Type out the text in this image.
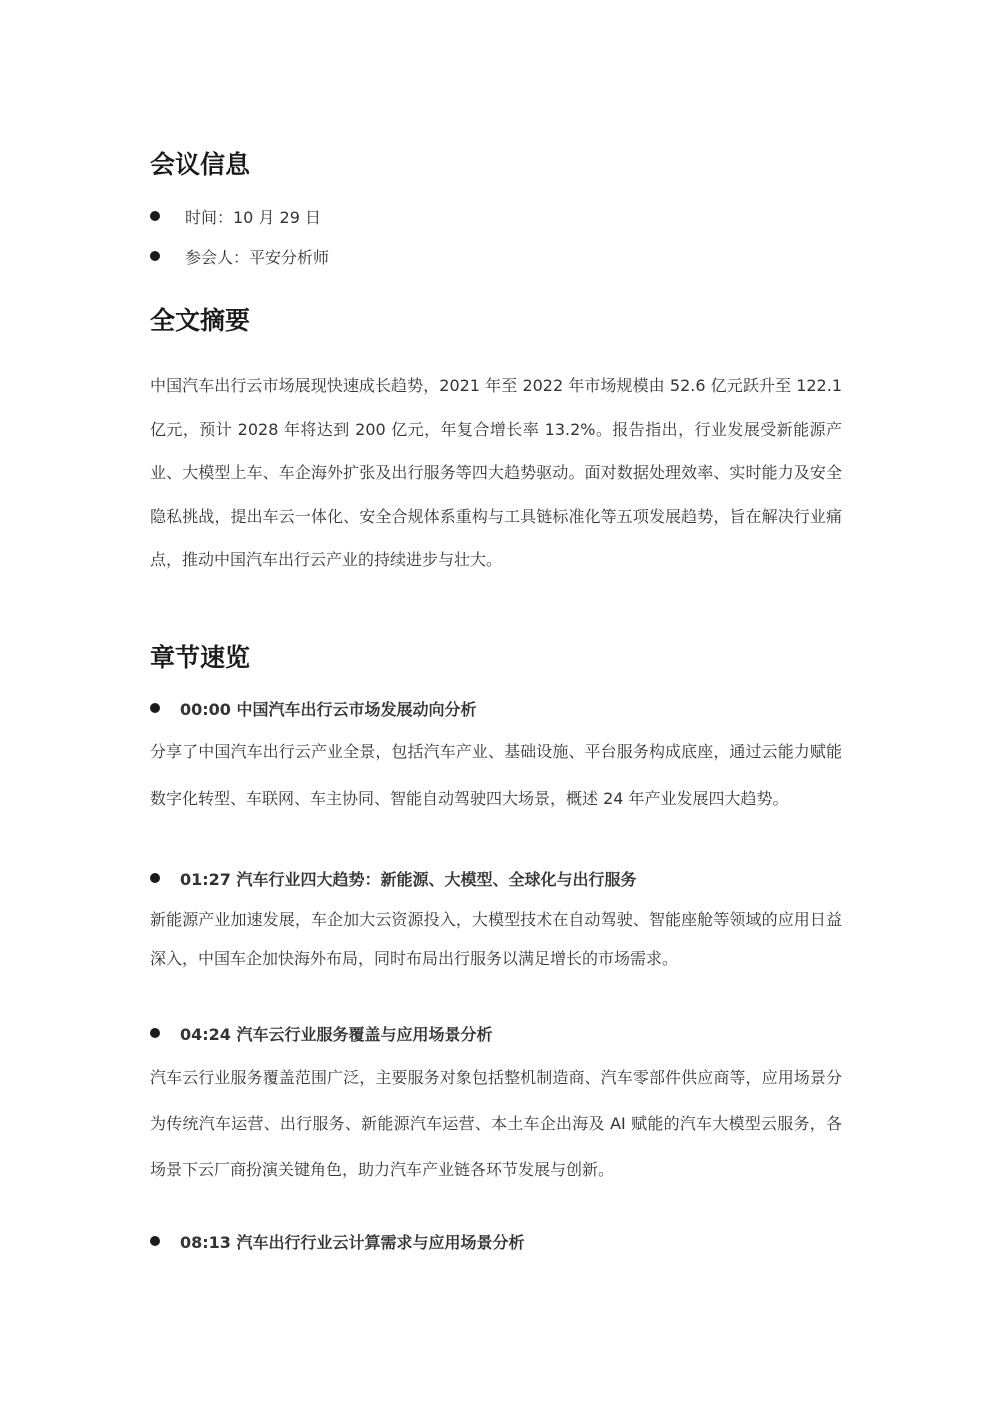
会议信息
时间：10 月 29 日
参会人：平安分析师
全文摘要

中国汽车出行云市场展现快速成长趋势，2021 年至 2022 年市场规模由 52.6 亿元跃升至 122.1 亿元，预计 2028 年将达到 200 亿元，年复合增长率 13.2%。报告指出，行业发展受新能源产业、大模型上车、车企海外扩张及出行服务等四大趋势驱动。面对数据处理效率、实时能力及安全隐私挑战，提出车云一体化、安全合规体系重构与工具链标准化等五项发展趋势，旨在解决行业痛点，推动中国汽车出行云产业的持续进步与壮大。

章节速览
00:00 中国汽车出行云市场发展动向分析

分享了中国汽车出行云产业全景，包括汽车产业、基础设施、平台服务构成底座，通过云能力赋能数字化转型、车联网、车主协同、智能自动驾驶四大场景，概述 24 年产业发展四大趋势。

01:27 汽车行业四大趋势：新能源、大模型、全球化与出行服务

新能源产业加速发展，车企加大云资源投入，大模型技术在自动驾驶、智能座舱等领域的应用日益深入，中国车企加快海外布局，同时布局出行服务以满足增长的市场需求。

04:24 汽车云行业服务覆盖与应用场景分析

汽车云行业服务覆盖范围广泛，主要服务对象包括整机制造商、汽车零部件供应商等，应用场景分为传统汽车运营、出行服务、新能源汽车运营、本土车企出海及 AI 赋能的汽车大模型云服务，各场景下云厂商扮演关键角色，助力汽车产业链各环节发展与创新。

08:13 汽车出行行业云计算需求与应用场景分析
